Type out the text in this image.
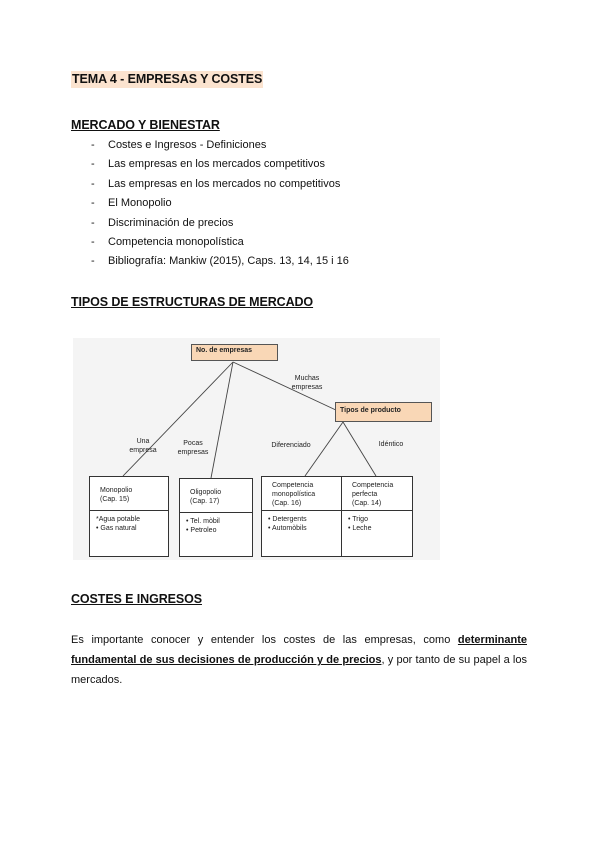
TEMA 4 - EMPRESAS Y COSTES
MERCADO Y BIENESTAR
- Costes e Ingresos - Definiciones
- Las empresas en los mercados competitivos
- Las empresas en los mercados no competitivos
- El Monopolio
- Discriminación de precios
- Competencia monopolística
- Bibliografía: Mankiw (2015), Caps. 13, 14, 15 i 16
TIPOS DE ESTRUCTURAS DE MERCADO
No. de empresas
Tipos de producto
Una
empresa
Pocas
empresas
Muchas
empresas
Diferenciado	Idéntico
Monopolio
(Cap. 15)
*Agua potable
• Gas natural
Oligopolio
(Cap. 17)
• Tel. mòbil
• Petroleo
Competencia
monopolística
(Cap. 16)
• Detergents
• Automòbils
Competencia
perfecta
(Cap. 14)
• Trigo
• Leche
COSTES E INGRESOS
Es importante conocer y entender los costes de las empresas, como determinante fundamental de sus decisiones de producción y de precios, y por tanto de su papel a los mercados.
